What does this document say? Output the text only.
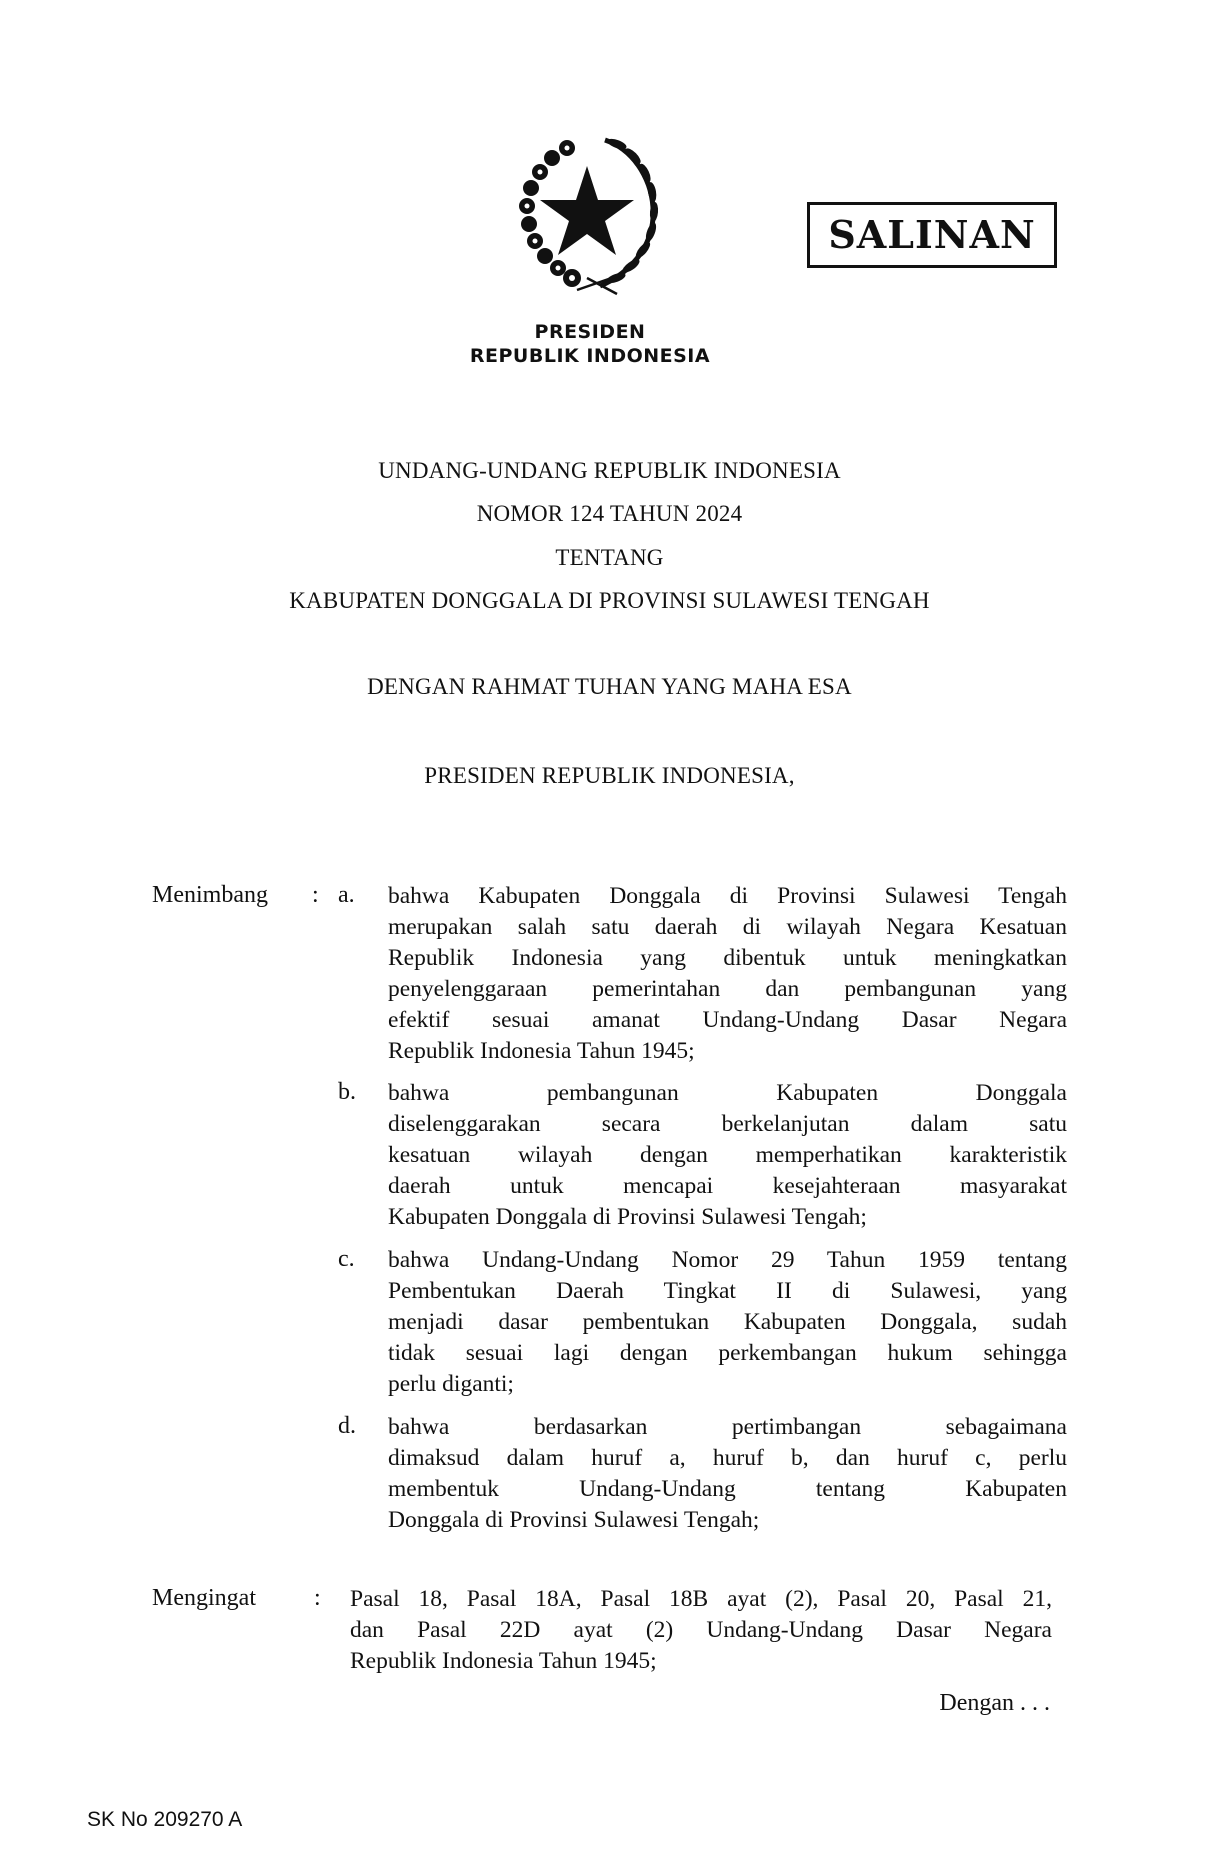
PRESIDEN
REPUBLIK INDONESIA
SALINAN
UNDANG-UNDANG REPUBLIK INDONESIA
NOMOR 124 TAHUN 2024
TENTANG
KABUPATEN DONGGALA DI PROVINSI SULAWESI TENGAH
DENGAN RAHMAT TUHAN YANG MAHA ESA
PRESIDEN REPUBLIK INDONESIA,
Menimbang : a. bahwa Kabupaten Donggala di Provinsi Sulawesi Tengah
merupakan salah satu daerah di wilayah Negara Kesatuan
Republik Indonesia yang dibentuk untuk meningkatkan
penyelenggaraan pemerintahan dan pembangunan yang
efektif sesuai amanat Undang-Undang Dasar Negara
Republik Indonesia Tahun 1945;
b. bahwa pembangunan Kabupaten Donggala
diselenggarakan secara berkelanjutan dalam satu
kesatuan wilayah dengan memperhatikan karakteristik
daerah untuk mencapai kesejahteraan masyarakat
Kabupaten Donggala di Provinsi Sulawesi Tengah;
c. bahwa Undang-Undang Nomor 29 Tahun 1959 tentang
Pembentukan Daerah Tingkat II di Sulawesi, yang
menjadi dasar pembentukan Kabupaten Donggala, sudah
tidak sesuai lagi dengan perkembangan hukum sehingga
perlu diganti;
d. bahwa berdasarkan pertimbangan sebagaimana
dimaksud dalam huruf a, huruf b, dan huruf c, perlu
membentuk Undang-Undang tentang Kabupaten
Donggala di Provinsi Sulawesi Tengah;
Mengingat : Pasal 18, Pasal 18A, Pasal 18B ayat (2), Pasal 20, Pasal 21,
dan Pasal 22D ayat (2) Undang-Undang Dasar Negara
Republik Indonesia Tahun 1945;
Dengan . . .
SK No 209270 A
